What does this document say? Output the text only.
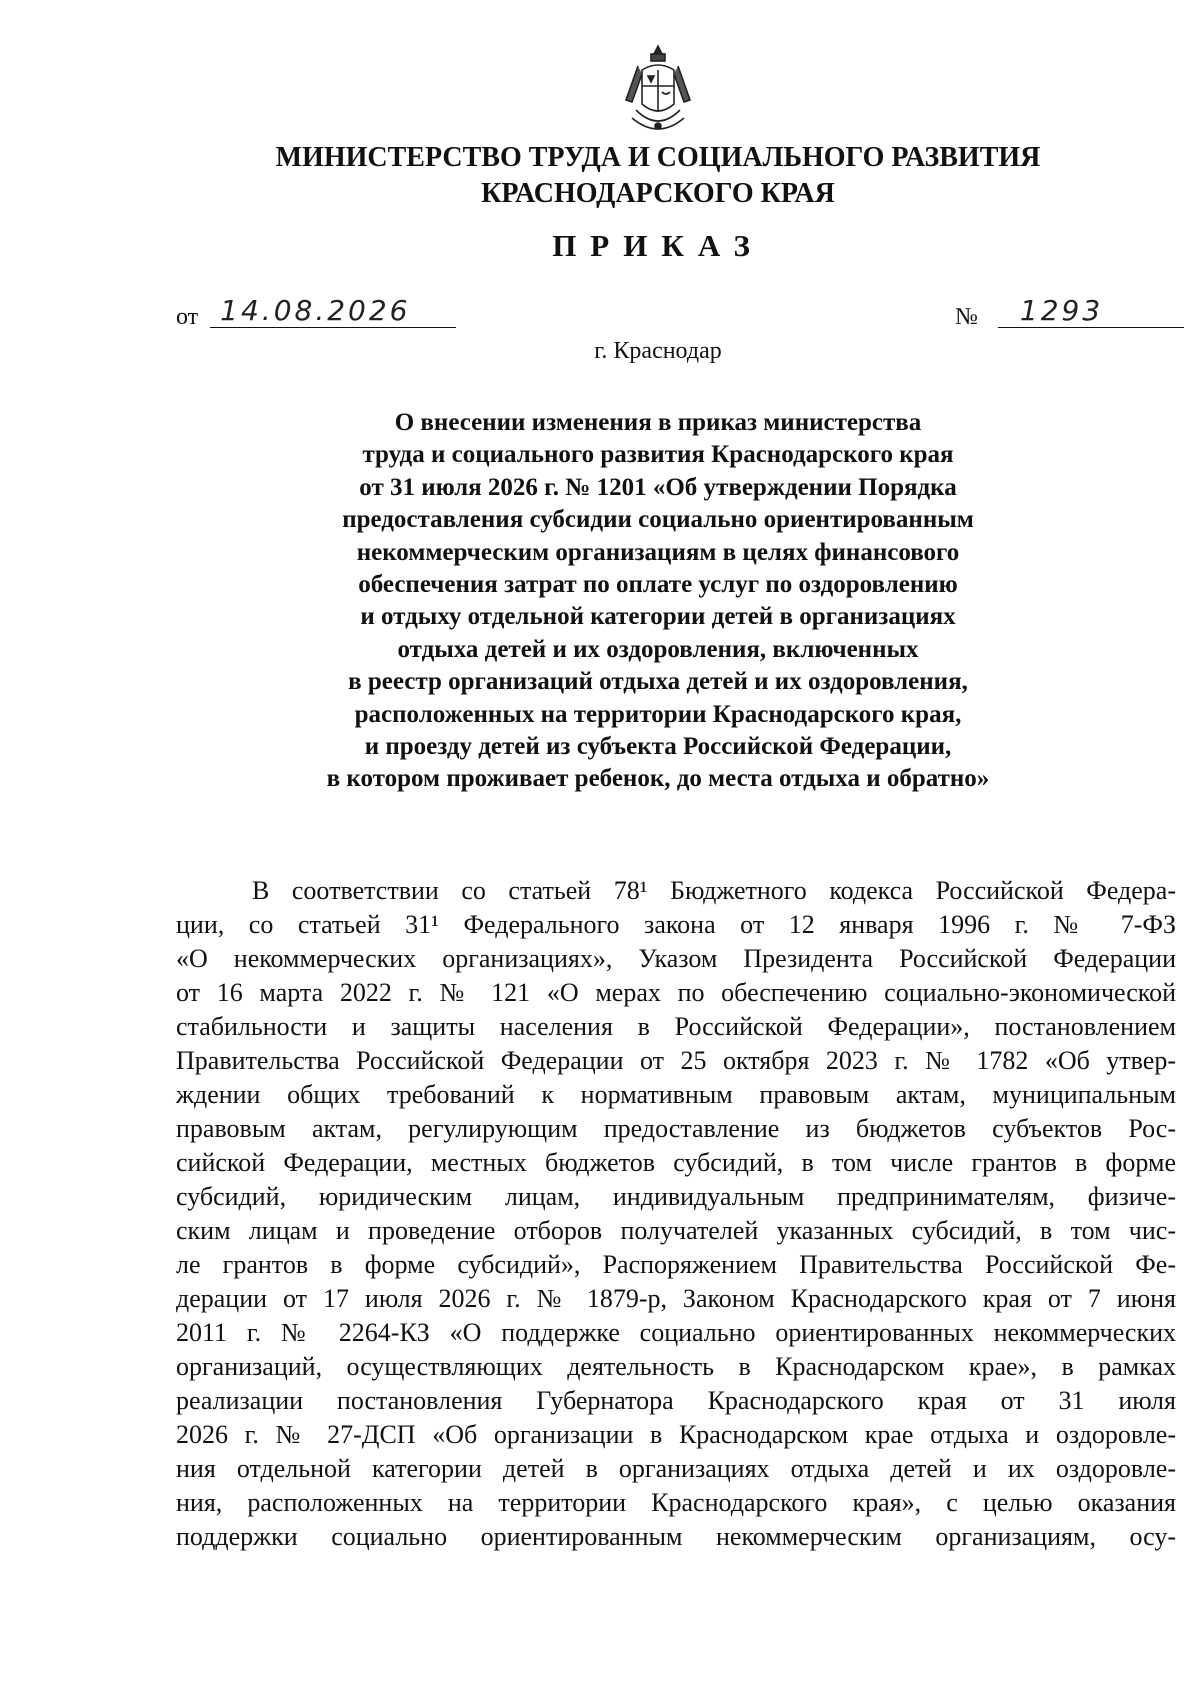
МИНИСТЕРСТВО ТРУДА И СОЦИАЛЬНОГО РАЗВИТИЯ
КРАСНОДАРСКОГО КРАЯ
ПРИКАЗ
от 14.08.2026	№ 1293
г. Краснодар
О внесении изменения в приказ министерства
труда и социального развития Краснодарского края
от 31 июля 2026 г. № 1201 «Об утверждении Порядка
предоставления субсидии социально ориентированным
некоммерческим организациям в целях финансового
обеспечения затрат по оплате услуг по оздоровлению
и отдыху отдельной категории детей в организациях
отдыха детей и их оздоровления, включенных
в реестр организаций отдыха детей и их оздоровления,
расположенных на территории Краснодарского края,
и проезду детей из субъекта Российской Федерации,
в котором проживает ребенок, до места отдыха и обратно»
В соответствии со статьей 78¹ Бюджетного кодекса Российской Федера-
ции, со статьей 31¹ Федерального закона от 12 января 1996 г. № 7-ФЗ
«О некоммерческих организациях», Указом Президента Российской Федерации
от 16 марта 2022 г. № 121 «О мерах по обеспечению социально-экономической
стабильности и защиты населения в Российской Федерации», постановлением
Правительства Российской Федерации от 25 октября 2023 г. № 1782 «Об утвер-
ждении общих требований к нормативным правовым актам, муниципальным
правовым актам, регулирующим предоставление из бюджетов субъектов Рос-
сийской Федерации, местных бюджетов субсидий, в том числе грантов в форме
субсидий, юридическим лицам, индивидуальным предпринимателям, физиче-
ским лицам и проведение отборов получателей указанных субсидий, в том чис-
ле грантов в форме субсидий», Распоряжением Правительства Российской Фе-
дерации от 17 июля 2026 г. № 1879-р, Законом Краснодарского края от 7 июня
2011 г. № 2264-КЗ «О поддержке социально ориентированных некоммерческих
организаций, осуществляющих деятельность в Краснодарском крае», в рамках
реализации постановления Губернатора Краснодарского края от 31 июля
2026 г. № 27-ДСП «Об организации в Краснодарском крае отдыха и оздоровле-
ния отдельной категории детей в организациях отдыха детей и их оздоровле-
ния, расположенных на территории Краснодарского края», с целью оказания
поддержки социально ориентированным некоммерческим организациям, осу-
